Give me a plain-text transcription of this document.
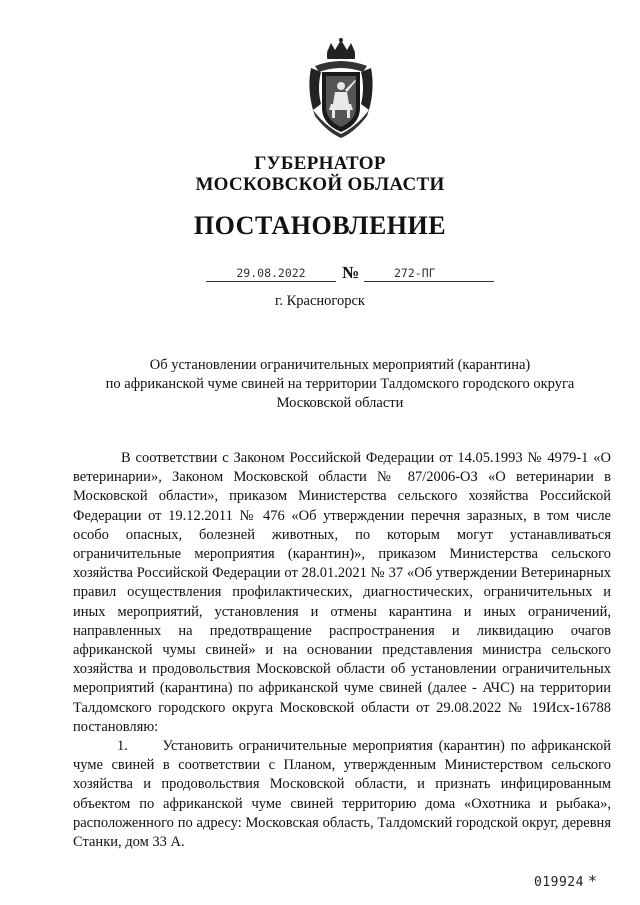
ГУБЕРНАТОР
МОСКОВСКОЙ ОБЛАСТИ
ПОСТАНОВЛЕНИЕ
29.08.2022	№	272-ПГ
г. Красногорск
Об установлении ограничительных мероприятий (карантина)
по африканской чуме свиней на территории Талдомского городского округа
Московской области

В соответствии с Законом Российской Федерации от 14.05.1993 № 4979-1 «О ветеринарии», Законом Московской области № 87/2006-ОЗ «О ветеринарии в Московской области», приказом Министерства сельского хозяйства Российской Федерации от 19.12.2011 № 476 «Об утверждении перечня заразных, в том числе особо опасных, болезней животных, по которым могут устанавливаться ограничительные мероприятия (карантин)», приказом Министерства сельского хозяйства Российской Федерации от 28.01.2021 № 37 «Об утверждении Ветеринарных правил осуществления профилактических, диагностических, ограничительных и иных мероприятий, установления и отмены карантина и иных ограничений, направленных на предотвращение распространения и ликвидацию очагов африканской чумы свиней» и на основании представления министра сельского хозяйства и продовольствия Московской области об установлении ограничительных мероприятий (карантина) по африканской чуме свиней (далее - АЧС) на территории Талдомского городского округа Московской области от 29.08.2022 № 19Исх-16788 постановляю:

1. Установить ограничительные мероприятия (карантин) по африканской чуме свиней в соответствии с Планом, утвержденным Министерством сельского хозяйства и продовольствия Московской области, и признать инфицированным объектом по африканской чуме свиней территорию дома «Охотника и рыбака», расположенного по адресу: Московская область, Талдомский городской округ, деревня Станки, дом 33 А.

019924 *
